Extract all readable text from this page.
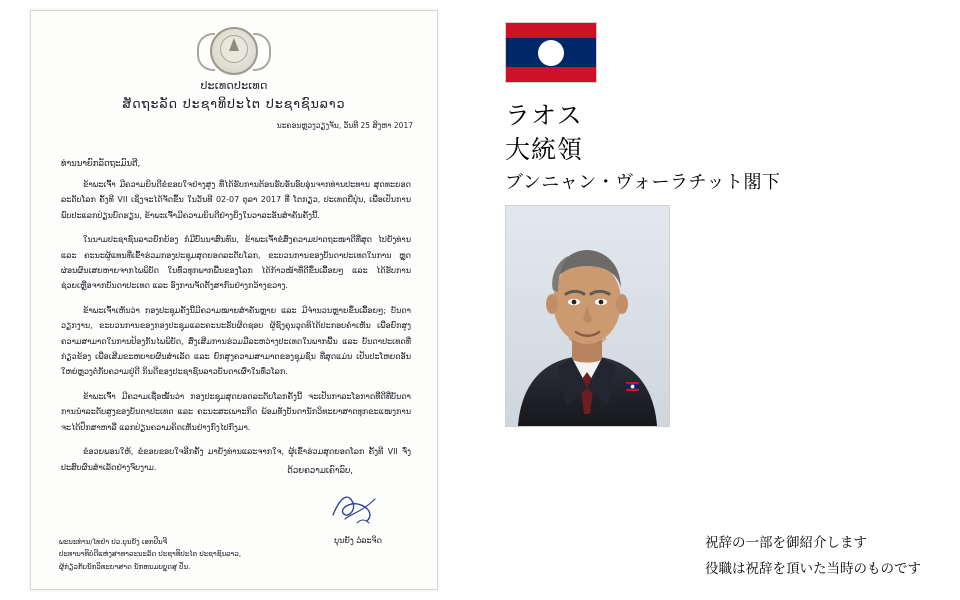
ປະເທດປະເທດ
ສັດຖະລັດ ປະຊາທິປະໄຕ ປະຊາຊົນລາວ
ນະຄອນຫຼວງວຽງຈັນ, ວັນທີ 25 ສິງຫາ 2017
ທ່ານນາຍົກລັດຖະມົນຕີ,

ຂ້າພະເຈົ້າ ມີຄວາມຍິນດີຂໍຂອບໃຈຢ່າງສູງ ທີ່ໄດ້ຮັບການຕ້ອນຮັບອັນອົບອຸ່ນຈາກທ່ານປະທານ ສຸດທະຍອດລະດັບໂລກ ຄັ້ງທີ VII ເຊິ່ງຈະໄດ້ຈັດຂຶ້ນ ໃນວັນທີ 02-07 ຕຸລາ 2017 ທີ່ ໂຕກຽວ, ປະເທດຍີ່ປຸ່ນ, ເພື່ອເປັນການພົບປະແລກປ່ຽນບົດຮຽນ, ຂ້າພະເຈົ້າມີຄວາມຍິນດີຢ່າງຍິ່ງໃນວາລະອັນສຳຄັນຄັ້ງນີ້.

ໃນນາມປະຊາຊົນລາວຍົກຍ້ອງ ກໍ່ມີບົນນາສົນທົນ, ຂ້າພະເຈົ້າຂໍສົ່ງຄວາມປາດຖະໜາດີທີ່ສຸດ ໄປຍັງທ່ານ ແລະ ຄະນະຜູ້ແທນທີ່ເຂົ້າຮ່ວມກອງປະຊຸມສຸດຍອດລະດັບໂລກ, ຂະບວນການຂອງບັນດາປະເທດໃນການ ຫຼຸດຜ່ອນຜົນເສຍຫາຍຈາກໄພພິບັດ ໃນທົ່ວທຸກພາກພື້ນຂອງໂລກ ໄດ້ກ້າວໜ້າທີ່ດີຂຶ້ນເລື້ອຍໆ ແລະ ໄດ້ຮັບການຊ່ວຍເຫຼືອຈາກບັນດາປະເທດ ແລະ ອົງການຈັດຕັ້ງສາກົນຢ່າງກວ້າງຂວາງ.

ຂ້າພະເຈົ້າເຫັນວ່າ ກອງປະຊຸມຄັ້ງນີ້ມີຄວາມໝາຍສຳຄັນຫຼາຍ ແລະ ມີຈຳນວນຫຼາຍຂຶ້ນເລື້ອຍໆ; ບັນດາວຽກງານ, ຂະບວນການຂອງກອງປະຊຸມແລະຄະນະຮັບຜິດຊອບ ຜູ້ຊົງຄຸນວຸດທິໄດ້ປະກອບຄຳເຫັນ ເພື່ອຍົກສູງຄວາມສາມາດໃນການປ້ອງກັນໄພພິບັດ, ສົ່ງເສີມການຮ່ວມມືລະຫວ່າງປະເທດໃນພາກພື້ນ ແລະ ບັນດາປະເທດທີ່ກ່ຽວຂ້ອງ ເພື່ອເສີມຂະຫຍາຍຜົນສຳເລັດ ແລະ ຍົກສູງຄວາມສາມາດຂອງຊຸມຊົນ ທີ່ສຸດແມ່ນ ເປັນປະໂຫຍດອັນໃຫຍ່ຫຼວງຕໍ່ກັບຄວາມຢູ່ດີ ກິນດີຂອງປະຊາຊົນລາວບັນດາເຜົ່າໃນທົ່ວໂລກ.

ຂ້າພະເຈົ້າ ມີຄວາມເຊື່ອໝັ້ນວ່າ ກອງປະຊຸມສຸດຍອດລະດັບໂລກຄັ້ງນີ້ ຈະເປັນກາລະໂອກາດທີ່ດີທີ່ບັນດາການນຳລະດັບສູງຂອງບັນດາປະເທດ ແລະ ຄະນະສະເພາະກິດ ພ້ອມທັງບັນດານັກວິທະຍາສາດທຸກຂະແໜງການ ຈະໄດ້ປຶກສາຫາລື ແລກປ່ຽນຄວາມຄິດເຫັນຢ່າງກົງໄປກົງມາ.

ຂໍອວຍພອນໃຫ້, ຂໍຂອບຂອບໃຈອີກຄັ້ງ ມາຍັງທ່ານແລະຈາກໃຈ, ຜູ້ເຂົ້າຮ່ວມສຸດຍອດໂລກ ຄັ້ງທີ VII ຈົ່ງປະສົບຜົນສຳເລັດຢ່າງຈົບງາມ.	ດ້ວຍຄວາມເຄົາລົບ,
ບຸນຍັງ ວໍລະຈິດ
ພະນະທ່ານ/ໄທຢ່າ ປວ.ບຸນຍັງ ເອກປີນຈີ
ປະທານາທິບໍດີແຫ່ງສາທາລະນະລັດ ປະຊາທິປະໄຕ ປະຊາຊົນລາວ,
ຜູ້ກ່ຽວກັບນັກວິທະຍາສາດ ນັກຫນມບບຼຸດສູ ປັ່ນ.
ラオス
大統領
ブンニャン・ヴォーラチット閣下
祝辞の一部を御紹介します
役職は祝辞を頂いた当時のものです
